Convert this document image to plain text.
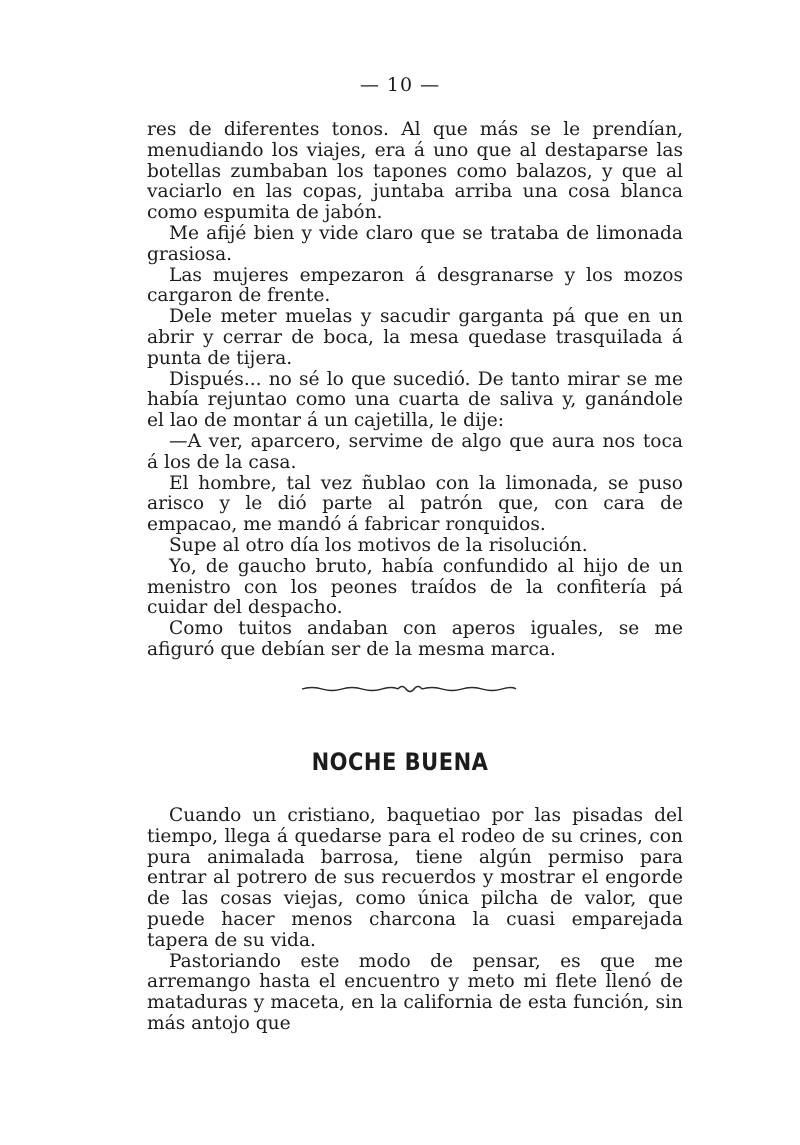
— 10 —

res de diferentes tonos. Al que más se le prendían, menudiando los viajes, era á uno que al destaparse las botellas zumbaban los tapones como balazos, y que al vaciarlo en las copas, juntaba arriba una cosa blanca como espumita de jabón.

Me afijé bien y vide claro que se trataba de limonada grasiosa.

Las mujeres empezaron á desgranarse y los mozos cargaron de frente.

Dele meter muelas y sacudir garganta pá que en un abrir y cerrar de boca, la mesa quedase trasquilada á punta de tijera.

Dispués... no sé lo que sucedió. De tanto mirar se me había rejuntao como una cuarta de saliva y, ganándole el lao de montar á un cajetilla, le dije:

—A ver, aparcero, servime de algo que aura nos toca á los de la casa.

El hombre, tal vez ñublao con la limonada, se puso arisco y le dió parte al patrón que, con cara de empacao, me mandó á fabricar ronquidos.

Supe al otro día los motivos de la risolución.

Yo, de gaucho bruto, había confundido al hijo de un menistro con los peones traídos de la confitería pá cuidar del despacho.

Como tuitos andaban con aperos iguales, se me afiguró que debían ser de la mesma marca.

NOCHE BUENA

Cuando un cristiano, baquetiao por las pisadas del tiempo, llega á quedarse para el rodeo de su crines, con pura animalada barrosa, tiene algún permiso para entrar al potrero de sus recuerdos y mostrar el engorde de las cosas viejas, como única pilcha de valor, que puede hacer menos charcona la cuasi emparejada tapera de su vida.

Pastoriando este modo de pensar, es que me arremango hasta el encuentro y meto mi flete llenó de mataduras y maceta, en la california de esta función, sin más antojo que
